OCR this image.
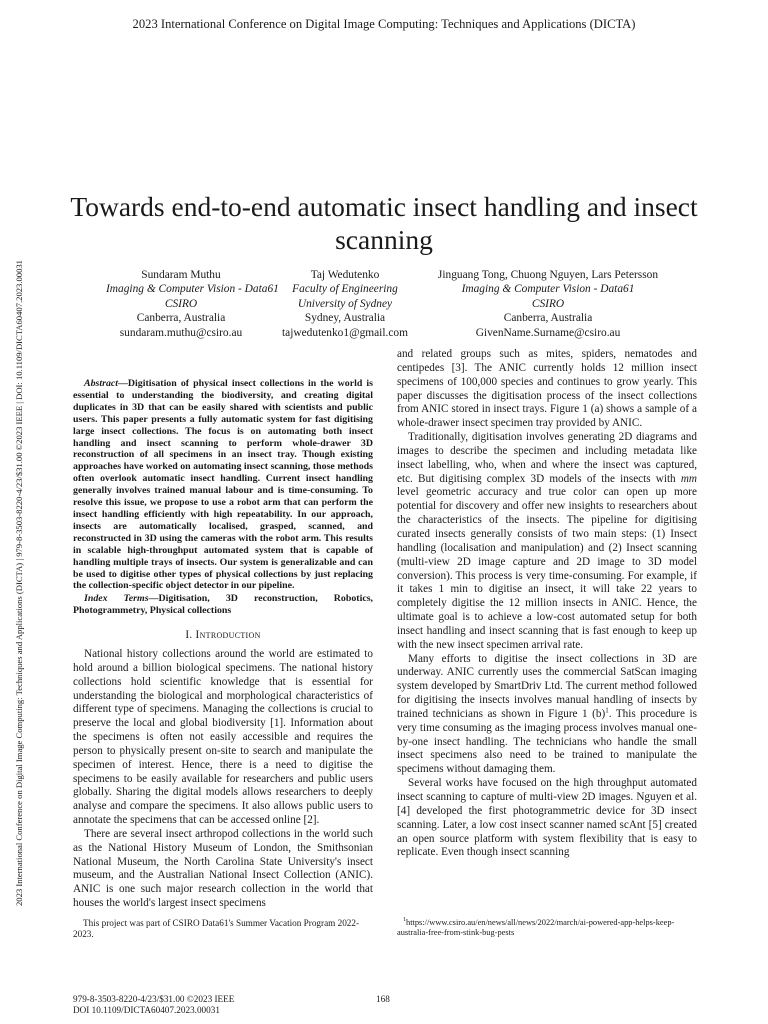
2023 International Conference on Digital Image Computing: Techniques and Applications (DICTA)
2023 International Conference on Digital Image Computing: Techniques and Applications (DICTA) | 979-8-3503-8220-4/23/$31.00 ©2023 IEEE | DOI: 10.1109/DICTA60407.2023.00031
Towards end-to-end automatic insect handling and insect scanning
Sundaram Muthu
Imaging & Computer Vision - Data61
CSIRO
Canberra, Australia
sundaram.muthu@csiro.au
Taj Wedutenko
Faculty of Engineering
University of Sydney
Sydney, Australia
tajwedutenko1@gmail.com
Jinguang Tong, Chuong Nguyen, Lars Petersson
Imaging & Computer Vision - Data61
CSIRO
Canberra, Australia
GivenName.Surname@csiro.au

Abstract—Digitisation of physical insect collections in the world is essential to understanding the biodiversity, and creating digital duplicates in 3D that can be easily shared with scientists and public users. This paper presents a fully automatic system for fast digitising large insect collections. The focus is on automating both insect handling and insect scanning to perform whole-drawer 3D reconstruction of all specimens in an insect tray. Though existing approaches have worked on automating insect scanning, those methods often overlook automatic insect handling. Current insect handling generally involves trained manual labour and is time-consuming. To resolve this issue, we propose to use a robot arm that can perform the insect handling efficiently with high repeatability. In our approach, insects are automatically localised, grasped, scanned, and reconstructed in 3D using the cameras with the robot arm. This results in scalable high-throughput automated system that is capable of handling multiple trays of insects. Our system is generalizable and can be used to digitise other types of physical collections by just replacing the collection-specific object detector in our pipeline.

Index Terms—Digitisation, 3D reconstruction, Robotics, Photogrammetry, Physical collections

I. Introduction

National history collections around the world are estimated to hold around a billion biological specimens. The national history collections hold scientific knowledge that is essential for understanding the biological and morphological characteristics of different type of specimens. Managing the collections is crucial to preserve the local and global biodiversity [1]. Information about the specimens is often not easily accessible and requires the person to physically present on-site to search and manipulate the specimen of interest. Hence, there is a need to digitise the specimens to be easily available for researchers and public users globally. Sharing the digital models allows researchers to deeply analyse and compare the specimens. It also allows public users to annotate the specimens that can be accessed online [2].

There are several insect arthropod collections in the world such as the National History Museum of London, the Smithsonian National Museum, the North Carolina State University's insect museum, and the Australian National Insect Collection (ANIC). ANIC is one such major research collection in the world that houses the world's largest insect specimens

and related groups such as mites, spiders, nematodes and centipedes [3]. The ANIC currently holds 12 million insect specimens of 100,000 species and continues to grow yearly. This paper discusses the digitisation process of the insect collections from ANIC stored in insect trays. Figure 1 (a) shows a sample of a whole-drawer insect specimen tray provided by ANIC.

Traditionally, digitisation involves generating 2D diagrams and images to describe the specimen and including metadata like insect labelling, who, when and where the insect was captured, etc. But digitising complex 3D models of the insects with mm level geometric accuracy and true color can open up more potential for discovery and offer new insights to researchers about the characteristics of the insects. The pipeline for digitising curated insects generally consists of two main steps: (1) Insect handling (localisation and manipulation) and (2) Insect scanning (multi-view 2D image capture and 2D image to 3D model conversion). This process is very time-consuming. For example, if it takes 1 min to digitise an insect, it will take 22 years to completely digitise the 12 million insects in ANIC. Hence, the ultimate goal is to achieve a low-cost automated setup for both insect handling and insect scanning that is fast enough to keep up with the new insect specimen arrival rate.

Many efforts to digitise the insect collections in 3D are underway. ANIC currently uses the commercial SatScan imaging system developed by SmartDriv Ltd. The current method followed for digitising the insects involves manual handling of insects by trained technicians as shown in Figure 1 $(b)^1$. This procedure is very time consuming as the imaging process involves manual one-by-one insect handling. The technicians who handle the small insect specimens also need to be trained to manipulate the specimens without damaging them.

Several works have focused on the high throughput automated insect scanning to capture of multi-view 2D images. Nguyen et al. [4] developed the first photogrammetric device for 3D insect scanning. Later, a low cost insect scanner named scAnt [5] created an open source platform with system flexibility that is easy to replicate. Even though insect scanning

This project was part of CSIRO Data61's Summer Vacation Program 2022-2023.
$^1$https://www.csiro.au/en/news/all/news/2022/march/ai-powered-app-helps-keep-australia-free-from-stink-bug-pests
979-8-3503-8220-4/23/$31.00 ©2023 IEEE
DOI 10.1109/DICTA60407.2023.00031
168
